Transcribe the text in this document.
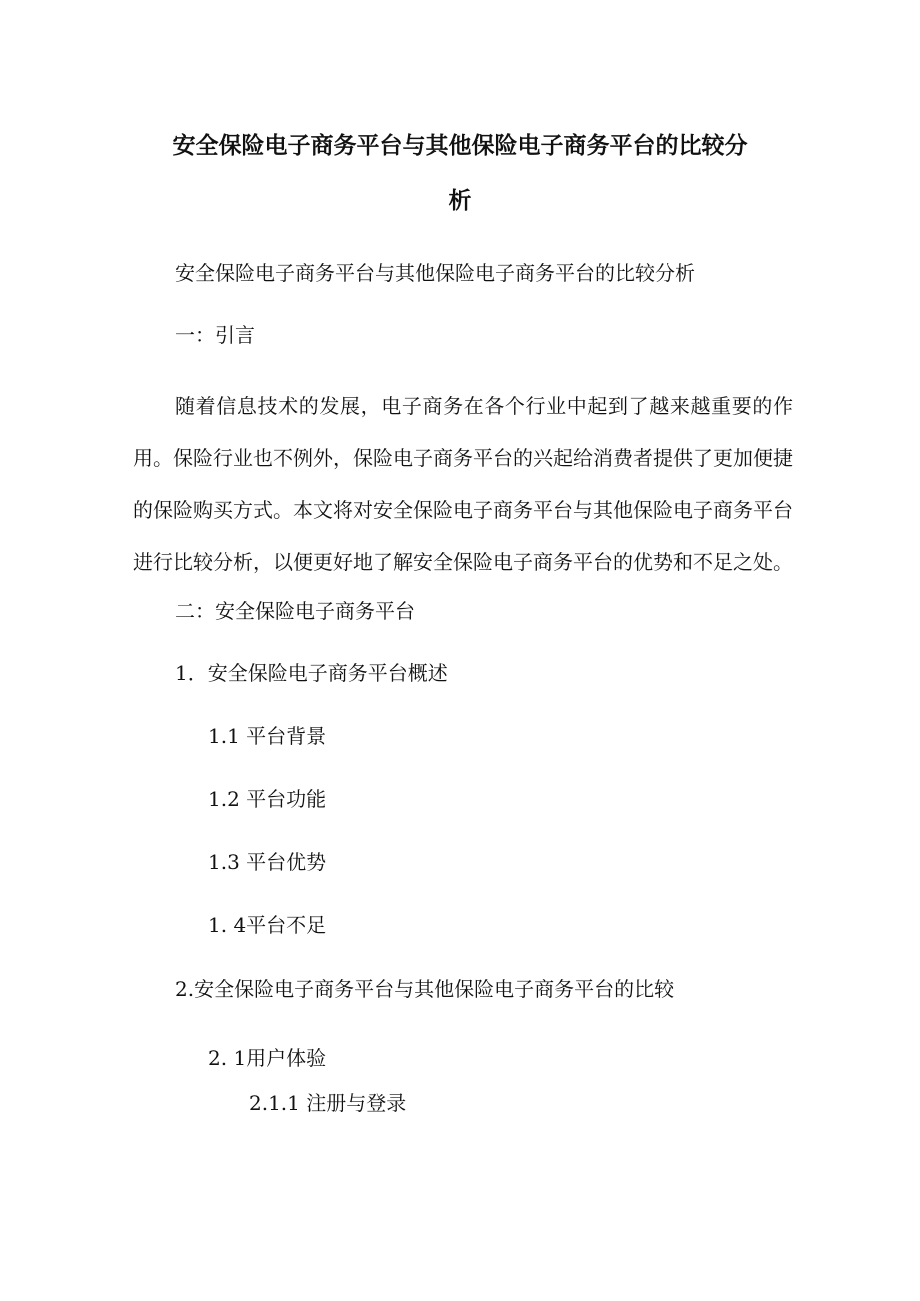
安全保险电子商务平台与其他保险电子商务平台的比较分
析
安全保险电子商务平台与其他保险电子商务平台的比较分析
一：引言
随着信息技术的发展，电子商务在各个行业中起到了越来越重要的作用。保险行业也不例外，保险电子商务平台的兴起给消费者提供了更加便捷的保险购买方式。本文将对安全保险电子商务平台与其他保险电子商务平台进行比较分析，以便更好地了解安全保险电子商务平台的优势和不足之处。
二：安全保险电子商务平台
1．安全保险电子商务平台概述
1.1 平台背景
1.2 平台功能
1.3 平台优势
1. 4平台不足
2.安全保险电子商务平台与其他保险电子商务平台的比较
2. 1用户体验
2.1.1 注册与登录
